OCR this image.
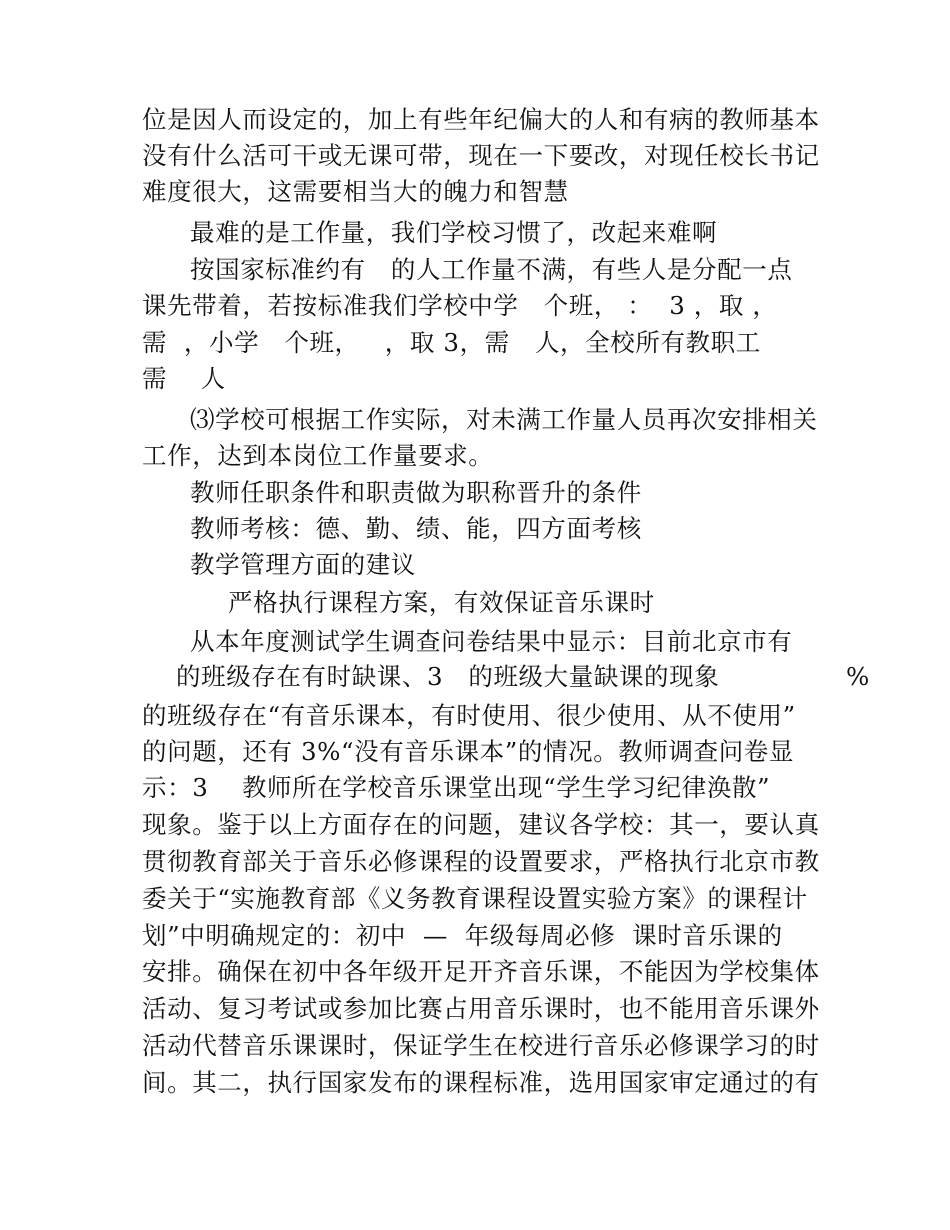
位是因人而设定的，加上有些年纪偏大的人和有病的教师基本
没有什么活可干或无课可带，现在一下要改，对现任校长书记
难度很大，这需要相当大的魄力和智慧
最难的是工作量，我们学校习惯了，改起来难啊
按国家标准约有   的人工作量不满，有些人是分配一点
课先带着，若按标准我们学校中学   个班， ：  3 ，取 ，
需  ，小学   个班，   ，取 3，需   人，全校所有教职工
需    人
⑶学校可根据工作实际，对未满工作量人员再次安排相关
工作，达到本岗位工作量要求。
教师任职条件和职责做为职称晋升的条件
教师考核：德、勤、绩、能，四方面考核
教学管理方面的建议
严格执行课程方案，有效保证音乐课时
从本年度测试学生调查问卷结果中显示：目前北京市有
的班级存在有时缺课、3   的班级大量缺课的现象	%
的班级存在“有音乐课本，有时使用、很少使用、从不使用”
的问题，还有 3%“没有音乐课本”的情况。教师调查问卷显
示：3    教师所在学校音乐课堂出现“学生学习纪律涣散”
现象。鉴于以上方面存在的问题，建议各学校：其一，要认真
贯彻教育部关于音乐必修课程的设置要求，严格执行北京市教
委关于“实施教育部《义务教育课程设置实验方案》的课程计
划”中明确规定的：初中  —  年级每周必修  课时音乐课的
安排。确保在初中各年级开足开齐音乐课，不能因为学校集体
活动、复习考试或参加比赛占用音乐课时，也不能用音乐课外
活动代替音乐课课时，保证学生在校进行音乐必修课学习的时
间。其二，执行国家发布的课程标准，选用国家审定通过的有
